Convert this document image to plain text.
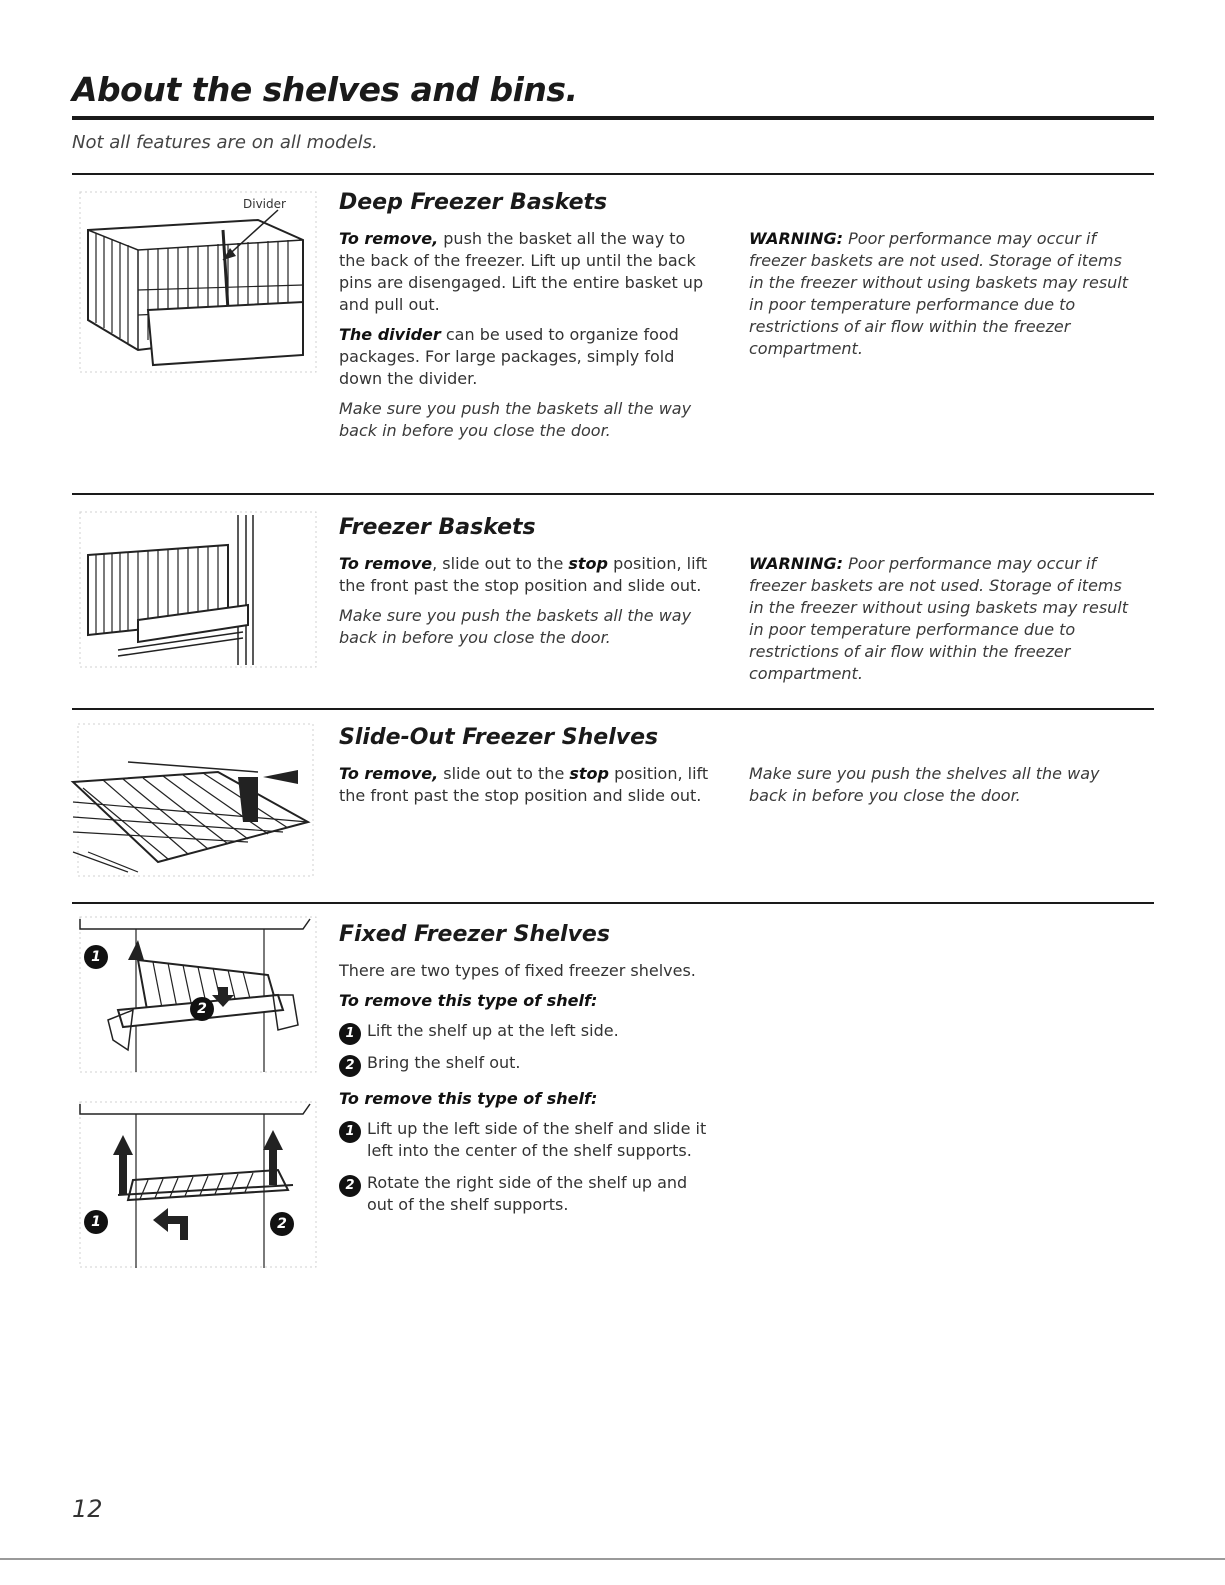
About the shelves and bins.

Not all features are on all models.

Divider Deep Freezer Baskets

To remove, push the basket all the way to the back of the freezer. Lift up until the back pins are disengaged. Lift the entire basket up and pull out.

The divider can be used to organize food packages. For large packages, simply fold down the divider.

Make sure you push the baskets all the way back in before you close the door.

WARNING: Poor performance may occur if freezer baskets are not used. Storage of items in the freezer without using baskets may result in poor temperature performance due to restrictions of air flow within the freezer compartment.

Freezer Baskets

To remove, slide out to the stop position, lift the front past the stop position and slide out.

Make sure you push the baskets all the way back in before you close the door.

WARNING: Poor performance may occur if freezer baskets are not used. Storage of items in the freezer without using baskets may result in poor temperature performance due to restrictions of air flow within the freezer compartment.

Slide-Out Freezer Shelves

To remove, slide out to the stop position, lift the front past the stop position and slide out.

Make sure you push the shelves all the way back in before you close the door.

1
2
1	2
Fixed Freezer Shelves

There are two types of fixed freezer shelves.

To remove this type of shelf:

1 Lift the shelf up at the left side.
2 Bring the shelf out.

To remove this type of shelf:

1 Lift up the left side of the shelf and slide it left into the center of the shelf supports.
2 Rotate the right side of the shelf up and out of the shelf supports.

12
